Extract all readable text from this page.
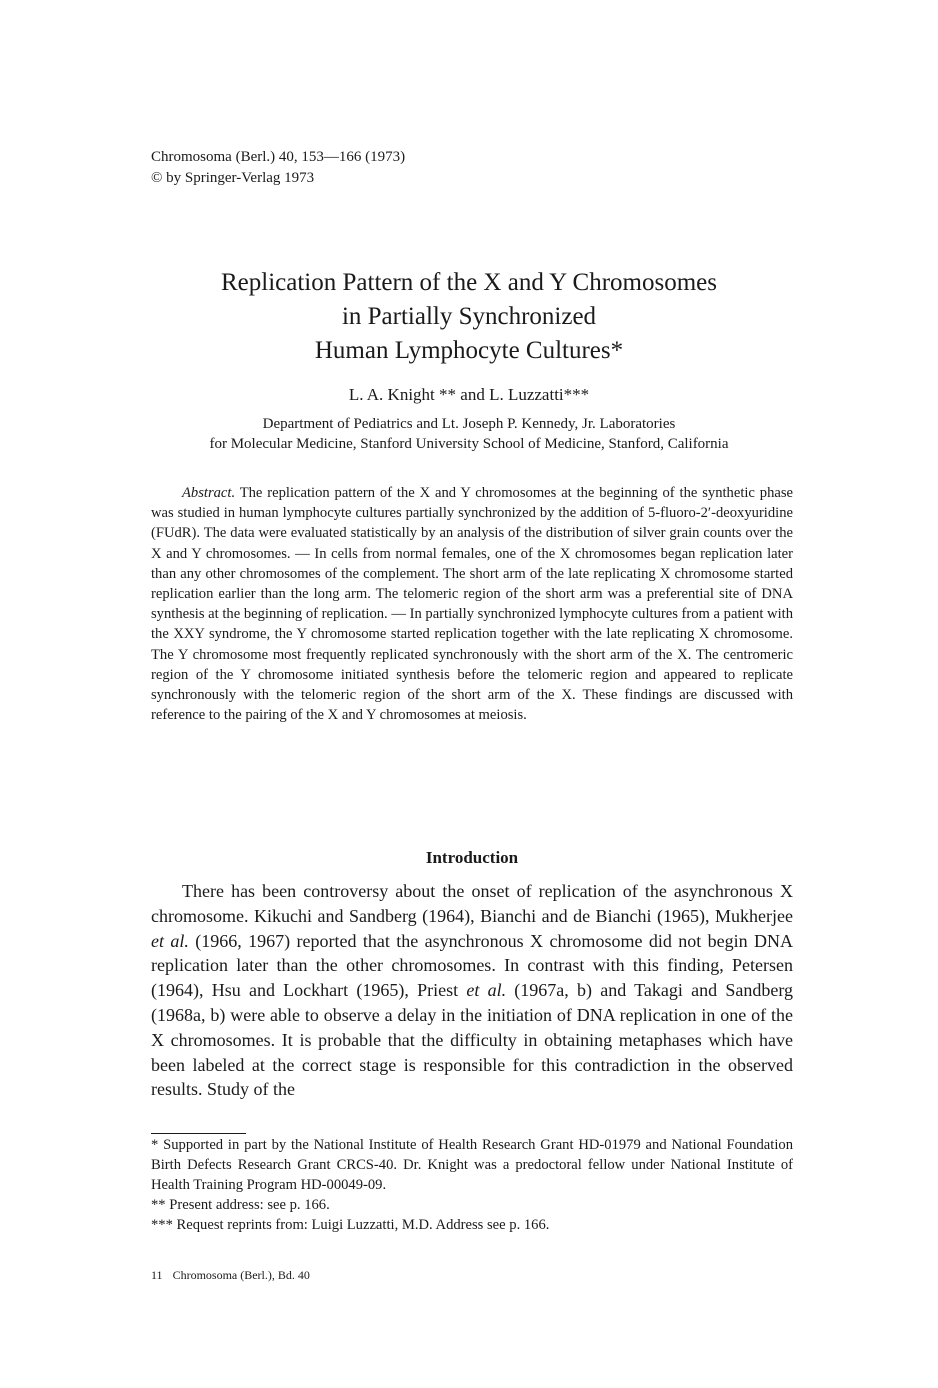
Chromosoma (Berl.) 40, 153—166 (1973)
© by Springer-Verlag 1973
Replication Pattern of the X and Y Chromosomes
in Partially Synchronized
Human Lymphocyte Cultures*
L. A. Knight ** and L. Luzzatti***
Department of Pediatrics and Lt. Joseph P. Kennedy, Jr. Laboratories
for Molecular Medicine, Stanford University School of Medicine, Stanford, California

Abstract. The replication pattern of the X and Y chromosomes at the beginning of the synthetic phase was studied in human lymphocyte cultures partially synchronized by the addition of 5-fluoro-2′-deoxyuridine (FUdR). The data were evaluated statistically by an analysis of the distribution of silver grain counts over the X and Y chromosomes. — In cells from normal females, one of the X chromosomes began replication later than any other chromosomes of the complement. The short arm of the late replicating X chromosome started replication earlier than the long arm. The telomeric region of the short arm was a preferential site of DNA synthesis at the beginning of replication. — In partially synchronized lymphocyte cultures from a patient with the XXY syndrome, the Y chromosome started replication together with the late replicating X chromosome. The Y chromosome most frequently replicated synchronously with the short arm of the X. The centromeric region of the Y chromosome initiated synthesis before the telomeric region and appeared to replicate synchronously with the telomeric region of the short arm of the X. These findings are discussed with reference to the pairing of the X and Y chromosomes at meiosis.

Introduction

There has been controversy about the onset of replication of the asynchronous X chromosome. Kikuchi and Sandberg (1964), Bianchi and de Bianchi (1965), Mukherjee et al. (1966, 1967) reported that the asynchronous X chromosome did not begin DNA replication later than the other chromosomes. In contrast with this finding, Petersen (1964), Hsu and Lockhart (1965), Priest et al. (1967a, b) and Takagi and Sandberg (1968a, b) were able to observe a delay in the initiation of DNA replication in one of the X chromosomes. It is probable that the difficulty in obtaining metaphases which have been labeled at the correct stage is responsible for this contradiction in the observed results. Study of the

* Supported in part by the National Institute of Health Research Grant HD-01979 and National Foundation Birth Defects Research Grant CRCS-40. Dr. Knight was a predoctoral fellow under National Institute of Health Training Program HD-00049-09.

** Present address: see p. 166.

*** Request reprints from: Luigi Luzzatti, M.D. Address see p. 166.

11 Chromosoma (Berl.), Bd. 40
